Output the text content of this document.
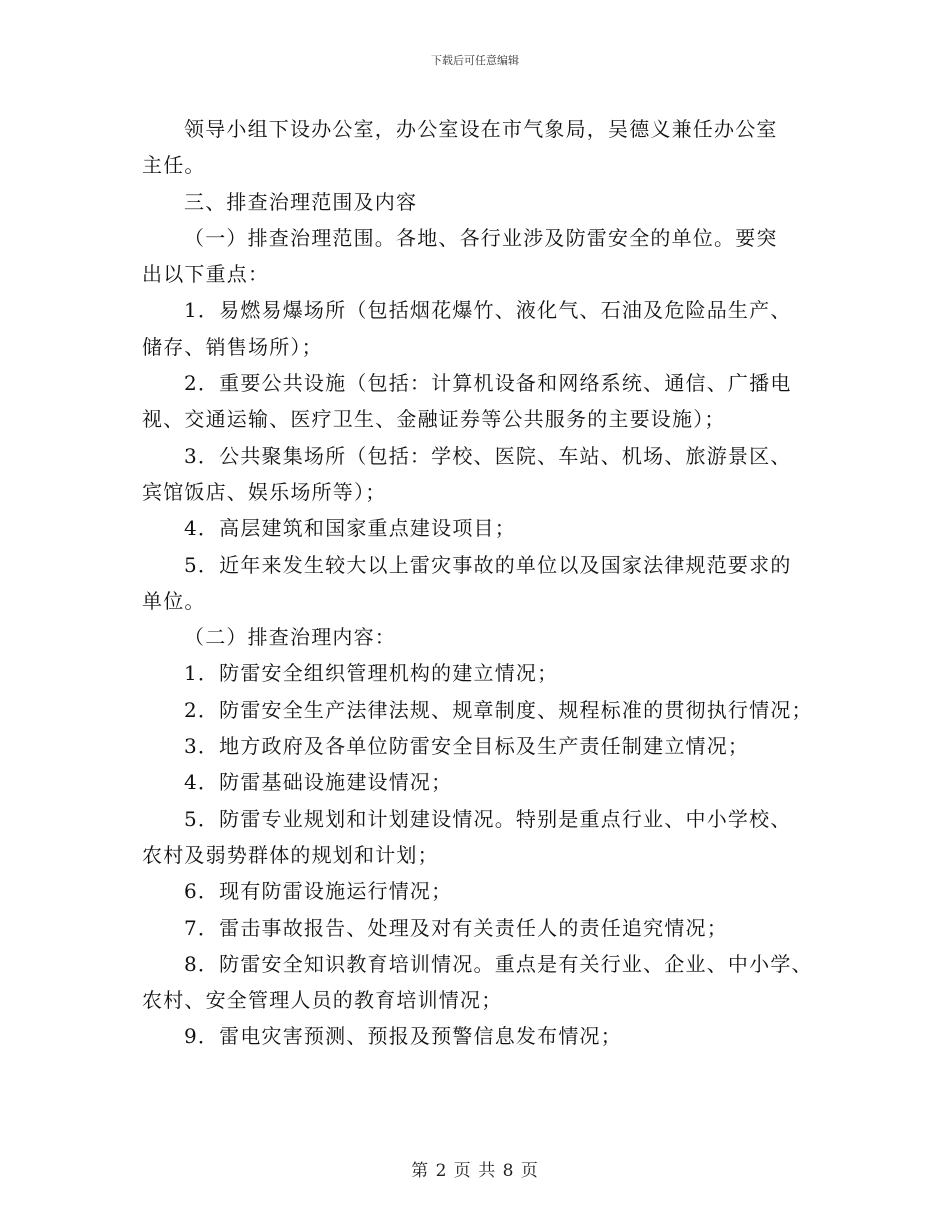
下载后可任意编辑
领导小组下设办公室，办公室设在市气象局，吴德义兼任办公室
主任。
三、排查治理范围及内容
（一）排查治理范围。各地、各行业涉及防雷安全的单位。要突
出以下重点：
1．易燃易爆场所（包括烟花爆竹、液化气、石油及危险品生产、
储存、销售场所）；
2．重要公共设施（包括：计算机设备和网络系统、通信、广播电
视、交通运输、医疗卫生、金融证券等公共服务的主要设施）；
3．公共聚集场所（包括：学校、医院、车站、机场、旅游景区、
宾馆饭店、娱乐场所等）；
4．高层建筑和国家重点建设项目；
5．近年来发生较大以上雷灾事故的单位以及国家法律规范要求的
单位。
（二）排查治理内容：
1．防雷安全组织管理机构的建立情况；
2．防雷安全生产法律法规、规章制度、规程标准的贯彻执行情况；
3．地方政府及各单位防雷安全目标及生产责任制建立情况；
4．防雷基础设施建设情况；
5．防雷专业规划和计划建设情况。特别是重点行业、中小学校、
农村及弱势群体的规划和计划；
6．现有防雷设施运行情况；
7．雷击事故报告、处理及对有关责任人的责任追究情况；
8．防雷安全知识教育培训情况。重点是有关行业、企业、中小学、
农村、安全管理人员的教育培训情况；
9．雷电灾害预测、预报及预警信息发布情况；
第 2 页 共 8 页
